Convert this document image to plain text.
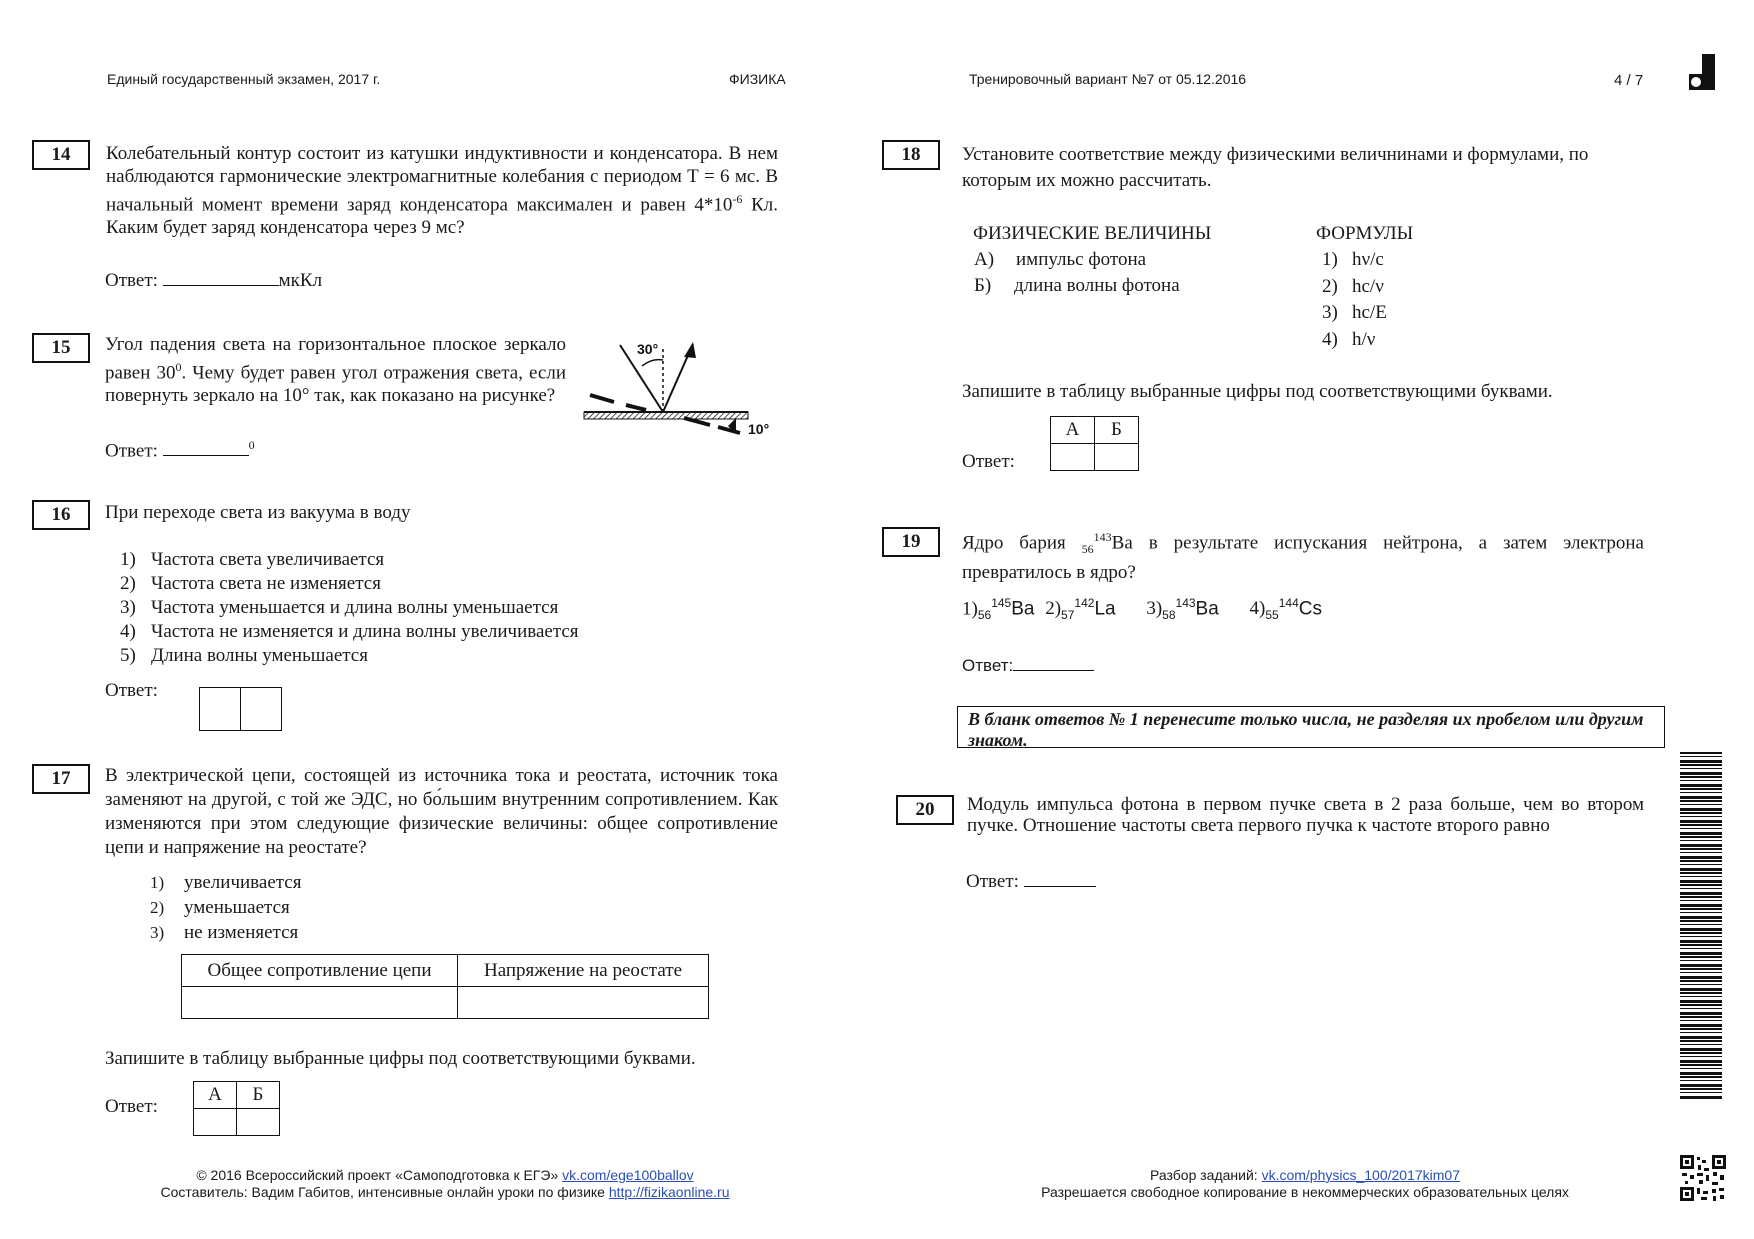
Единый государственный экзамен, 2017 г.	ФИЗИКА	Тренировочный вариант №7 от 05.12.2016	4 / 7
14	Колебательный контур состоит из катушки индуктивности и конденсатора. В нем наблюдаются гармонические электромагнитные колебания с периодом Т = 6 мс. В начальный момент времени заряд конденсатора максимален и равен $4*10^{-6}$ Кл. Каким будет заряд конденсатора через 9 мс?
Ответ:	мкКл
15	Угол падения света на горизонтальное плоское зеркало равен $30^0$. Чему будет равен угол отражения света, если повернуть зеркало на 10° так, как показано на рисунке?
Ответ:	$^0$
30°
10°
16	При переходе света из вакуума в воду
1) Частота света увеличивается
2) Частота света не изменяется
3) Частота уменьшается и длина волны уменьшается
4) Частота не изменяется и длина волны увеличивается
5) Длина волны уменьшается
Ответ:

17	В электрической цепи, состоящей из источника тока и реостата, источник тока заменяют на другой, с той же ЭДС, но бо́льшим внутренним сопротивлением. Как изменяются при этом следующие физические величины: общее сопротивление цепи и напряжение на реостате?
1) увеличивается
2) уменьшается
3) не изменяется
Общее сопротивление цепи	Напряжение на реостате

Запишите в таблицу выбранные цифры под соответствующими буквами.
Ответ:
А	Б

18	Установите соответствие между физическими величнинами и формулами, по которым их можно рассчитать.
ФИЗИЧЕСКИЕ ВЕЛИЧИНЫ	ФОРМУЛЫ
А) импульс фотона
Б) длина волны фотона
1) hν/c
2) hc/ν
3) hc/E
4) h/ν
Запишите в таблицу выбранные цифры под соответствующими буквами.
Ответ:
А	Б

19	Ядро бария $_{56}^{143}$Ва в результате испускания нейтрона, а затем электрона превратилось в ядро?
$1)_{56}^{145}Ba$ $2)_{57}^{142}La$ $3)_{58}^{143}Ba$ $4)_{55}^{144}Cs$
Ответ:
В бланк ответов № 1 перенесите только числа, не разделяя их пробелом или другим знаком.
20	Модуль импульса фотона в первом пучке света в 2 раза больше, чем во втором пучке. Отношение частоты света первого пучка к частоте второго равно
Ответ:
© 2016 Всероссийский проект «Самоподготовка к ЕГЭ» vk.com/ege100ballov
Составитель: Вадим Габитов, интенсивные онлайн уроки по физике http://fizikaonline.ru
Разбор заданий: vk.com/physics_100/2017kim07
Разрешается свободное копирование в некоммерческих образовательных целях
